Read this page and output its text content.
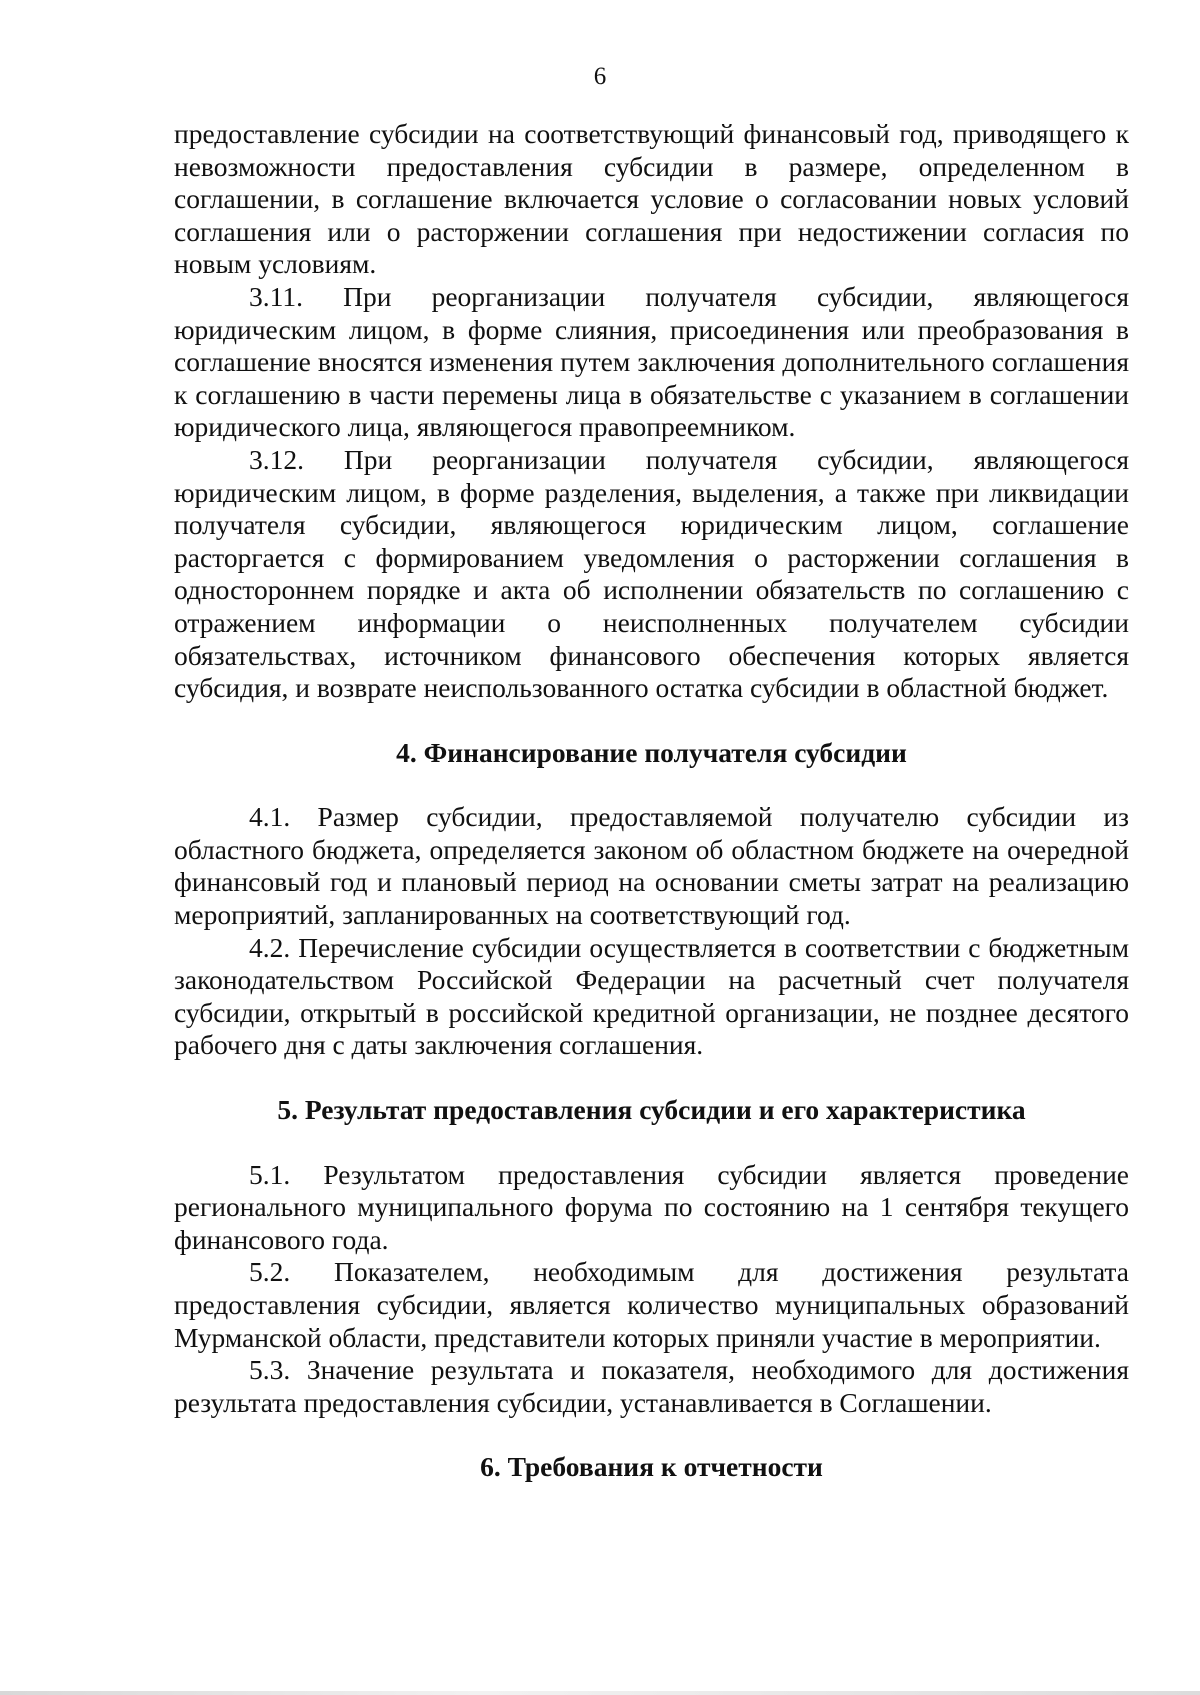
6

предоставление субсидии на соответствующий финансовый год, приводящего к невозможности предоставления субсидии в размере, определенном в соглашении, в соглашение включается условие о согласовании новых условий соглашения или о расторжении соглашения при недостижении согласия по новым условиям.

3.11. При реорганизации получателя субсидии, являющегося юридическим лицом, в форме слияния, присоединения или преобразования в соглашение вносятся изменения путем заключения дополнительного соглашения к соглашению в части перемены лица в обязательстве с указанием в соглашении юридического лица, являющегося правопреемником.

3.12. При реорганизации получателя субсидии, являющегося юридическим лицом, в форме разделения, выделения, а также при ликвидации получателя субсидии, являющегося юридическим лицом, соглашение расторгается с формированием уведомления о расторжении соглашения в одностороннем порядке и акта об исполнении обязательств по соглашению с отражением информации о неисполненных получателем субсидии обязательствах, источником финансового обеспечения которых является субсидия, и возврате неиспользованного остатка субсидии в областной бюджет.

4. Финансирование получателя субсидии

4.1. Размер субсидии, предоставляемой получателю субсидии из областного бюджета, определяется законом об областном бюджете на очередной финансовый год и плановый период на основании сметы затрат на реализацию мероприятий, запланированных на соответствующий год.

4.2. Перечисление субсидии осуществляется в соответствии с бюджетным законодательством Российской Федерации на расчетный счет получателя субсидии, открытый в российской кредитной организации, не позднее десятого рабочего дня с даты заключения соглашения.

5. Результат предоставления субсидии и его характеристика

5.1. Результатом предоставления субсидии является проведение регионального муниципального форума по состоянию на 1 сентября текущего финансового года.

5.2. Показателем, необходимым для достижения результата предоставления субсидии, является количество муниципальных образований Мурманской области, представители которых приняли участие в мероприятии.

5.3. Значение результата и показателя, необходимого для достижения результата предоставления субсидии, устанавливается в Соглашении.

6. Требования к отчетности
